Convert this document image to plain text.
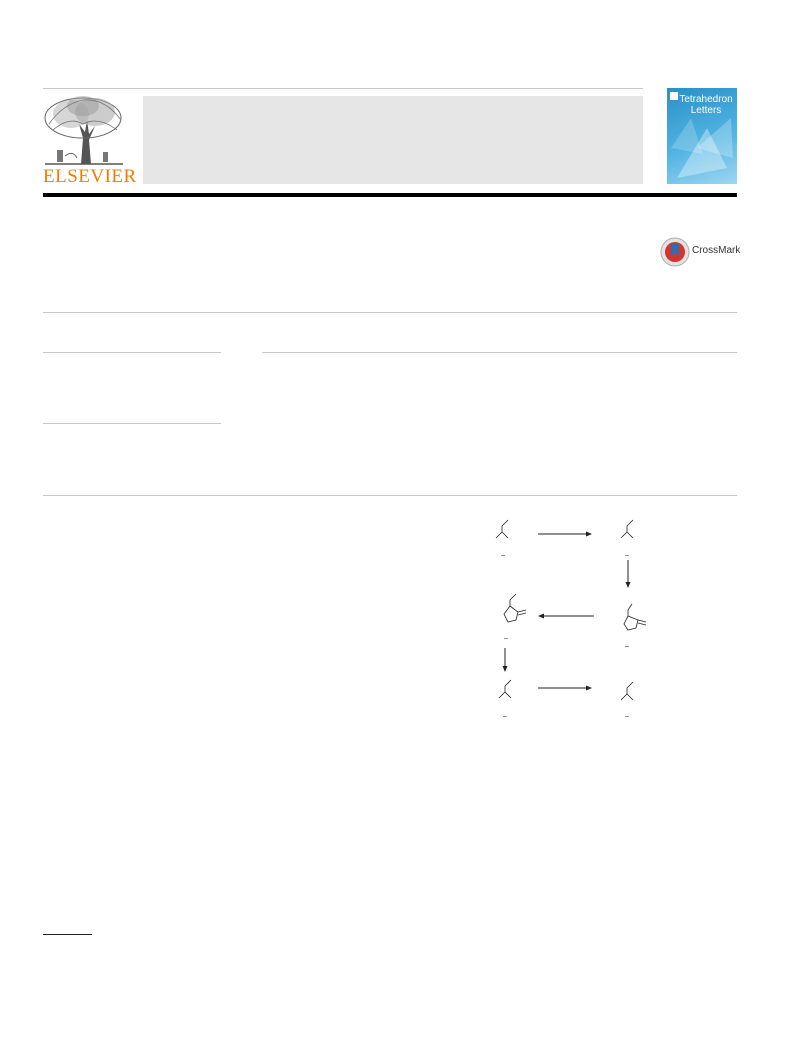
ELSEVIER
Tetrahedron
Letters
CrossMark
–	–
–
–
–	–
